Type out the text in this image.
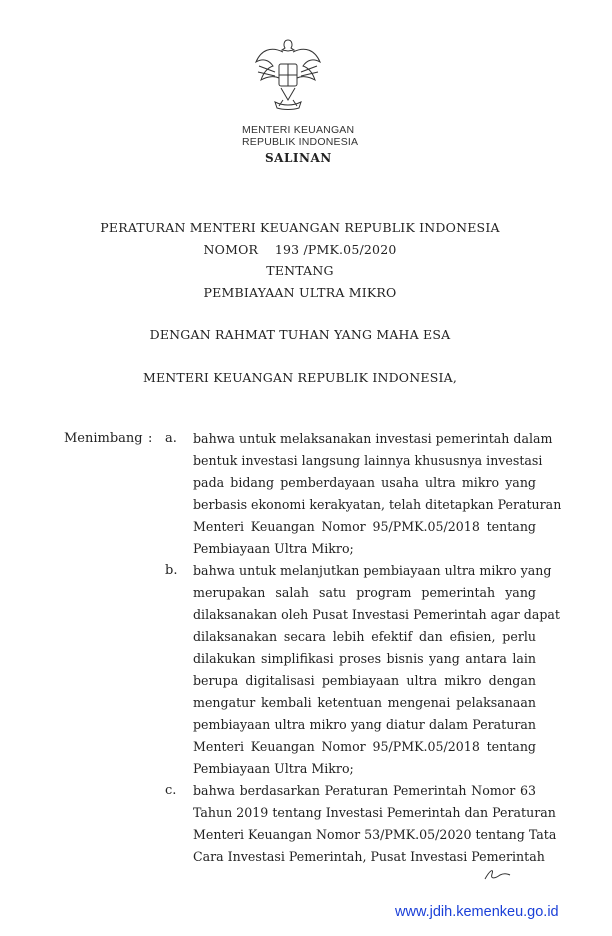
MENTERI KEUANGAN
REPUBLIK INDONESIA
SALINAN
PERATURAN MENTERI KEUANGAN REPUBLIK INDONESIA
NOMOR    193 /PMK.05/2020
TENTANG
PEMBIAYAAN ULTRA MIKRO
DENGAN RAHMAT TUHAN YANG MAHA ESA
MENTERI KEUANGAN REPUBLIK INDONESIA,
Menimbang : a. bahwa untuk melaksanakan investasi pemerintah dalam
bentuk investasi langsung lainnya khususnya investasi
pada bidang pemberdayaan usaha ultra mikro yang
berbasis ekonomi kerakyatan, telah ditetapkan Peraturan
Menteri Keuangan Nomor 95/PMK.05/2018 tentang
Pembiayaan Ultra Mikro;
b. bahwa untuk melanjutkan pembiayaan ultra mikro yang
merupakan salah satu program pemerintah yang
dilaksanakan oleh Pusat Investasi Pemerintah agar dapat
dilaksanakan secara lebih efektif dan efisien, perlu
dilakukan simplifikasi proses bisnis yang antara lain
berupa digitalisasi pembiayaan ultra mikro dengan
mengatur kembali ketentuan mengenai pelaksanaan
pembiayaan ultra mikro yang diatur dalam Peraturan
Menteri Keuangan Nomor 95/PMK.05/2018 tentang
Pembiayaan Ultra Mikro;
c. bahwa berdasarkan Peraturan Pemerintah Nomor 63
Tahun 2019 tentang Investasi Pemerintah dan Peraturan
Menteri Keuangan Nomor 53/PMK.05/2020 tentang Tata
Cara Investasi Pemerintah, Pusat Investasi Pemerintah
www.jdih.kemenkeu.go.id
